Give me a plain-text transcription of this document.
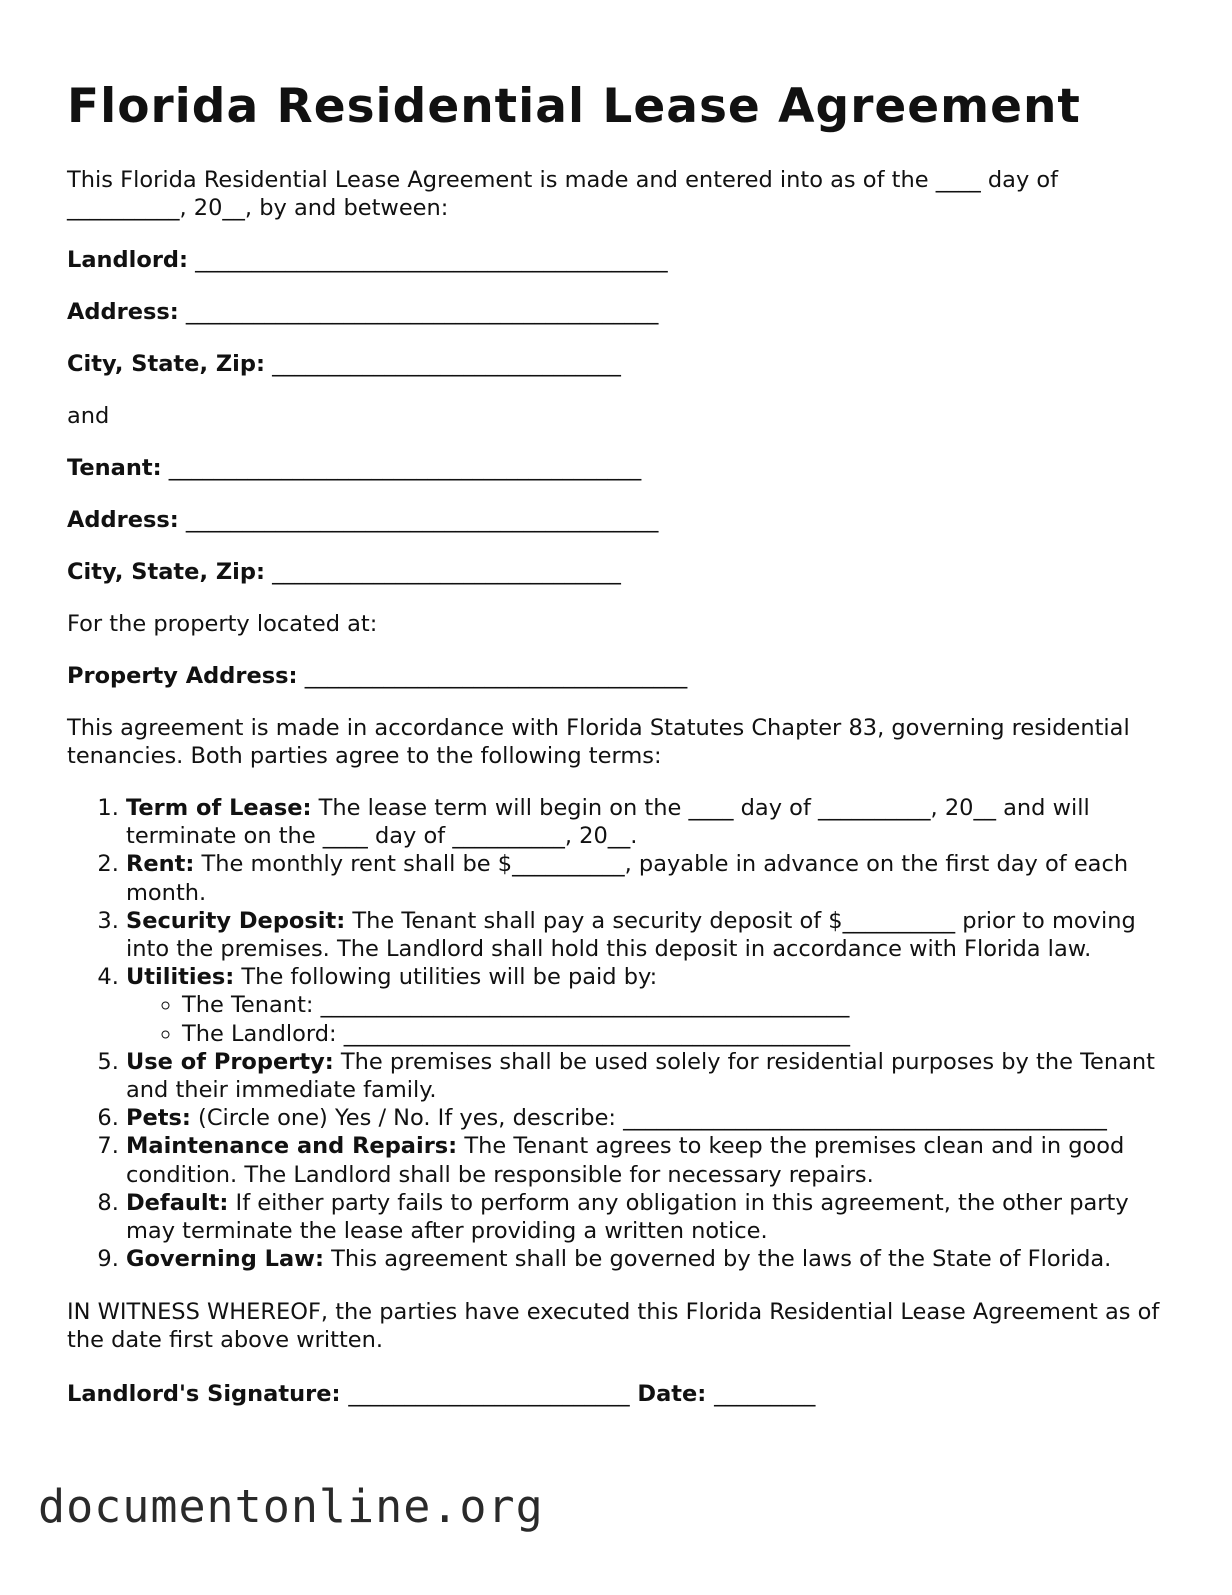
Florida Residential Lease Agreement

This Florida Residential Lease Agreement is made and entered into as of the ____ day of __________, 20__, by and between:

Landlord: __________________________________________

Address: __________________________________________

City, State, Zip: _______________________________

and

Tenant: __________________________________________

Address: __________________________________________

City, State, Zip: _______________________________

For the property located at:

Property Address: __________________________________

This agreement is made in accordance with Florida Statutes Chapter 83, governing residential tenancies. Both parties agree to the following terms:

1. Term of Lease: The lease term will begin on the ____ day of __________, 20__ and will terminate on the ____ day of __________, 20__.
2. Rent: The monthly rent shall be $__________, payable in advance on the first day of each month.
3. Security Deposit: The Tenant shall pay a security deposit of $__________ prior to moving into the premises. The Landlord shall hold this deposit in accordance with Florida law.
4. Utilities: The following utilities will be paid by:
◦ The Tenant: _______________________________________________
◦ The Landlord: _____________________________________________
5. Use of Property: The premises shall be used solely for residential purposes by the Tenant and their immediate family.
6. Pets: (Circle one) Yes / No. If yes, describe: ___________________________________________
7. Maintenance and Repairs: The Tenant agrees to keep the premises clean and in good condition. The Landlord shall be responsible for necessary repairs.
8. Default: If either party fails to perform any obligation in this agreement, the other party may terminate the lease after providing a written notice.
9. Governing Law: This agreement shall be governed by the laws of the State of Florida.

IN WITNESS WHEREOF, the parties have executed this Florida Residential Lease Agreement as of the date first above written.

Landlord's Signature: _________________________ Date: _________

documentonline.org
